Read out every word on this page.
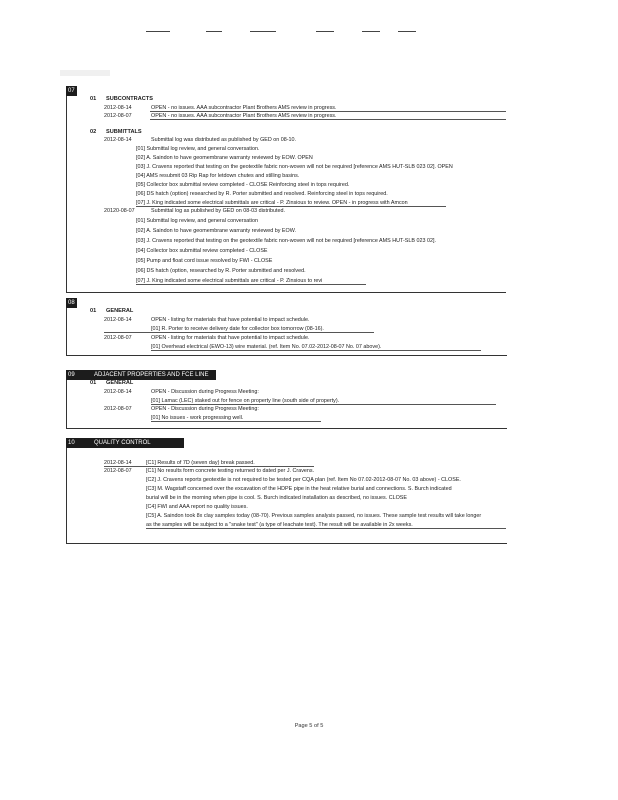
07
01 SUBCONTRACTS
2012-08-14	OPEN - no issues. AAA subcontractor Plant Brothers AMS review in progress.
2012-08-07	OPEN - no issues. AAA subcontractor Plant Brothers AMS review in progress.
02 SUBMITTALS
2012-08-14	Submittal log was distributed as published by GED on 08-10.
[01] Submittal log review, and general conversation.
[02] A. Saindon to have geomembrane warranty reviewed by EOW. OPEN
[03] J. Cravens reported that testing on the geotextile fabric non-woven will not be required [reference AMS HUT-SLB 023 02]. OPEN
[04] AMS resubmit 03 Rip Rap for letdown chutes and stilling basins.
[05] Collector box submittal review completed - CLOSE Reinforcing steel in tops required.
[06] DS hatch (option) researched by R. Porter submitted and resolved. Reinforcing steel in tops required.
[07] J. King indicated some electrical submittals are critical - P. Zinsious to review. OPEN - in progress with Amcon
20120-08-07	Submittal log as published by GED on 08-03 distributed.
[01] Submittal log review, and general conversation
[02] A. Saindon to have geomembrane warranty reviewed by EOW.
[03] J. Cravens reported that testing on the geotextile fabric non-woven will not be required [reference AMS HUT-SLB 023 02].
[04] Collector box submittal review completed - CLOSE
[05] Pump and float cord issue resolved by FWI - CLOSE
[06] DS hatch (option, researched by R. Porter submitted and resolved.
[07] J. King indicated some electrical submittals are critical - P. Zinsious to revi
08
01 GENERAL
2012-08-14	OPEN - listing for materials that have potential to impact schedule.
[01] R. Porter to receive delivery date for collector box tomorrow (08-16).
2012-08-07	OPEN - listing for materials that have potential to impact schedule.
[01] Overhead electrical (EWO-13) wire material. (ref. Item No. 07.02-2012-08-07 No. 07 above).
09	ADJACENT PROPERTIES AND FCE LINE
01 GENERAL
2012-08-14	OPEN - Discussion during Progress Meeting:
[01] Lamac (LEC) staked out for fence on property line (south side of property).
2012-08-07	OPEN - Discussion during Progress Meeting:
[01] No issues - work progressing well.
10	QUALITY CONTROL
2012-08-14	[C1] Results of 7D (seven day) break passed.
2012-08-07	[C1] No results form concrete testing returned to dated per J. Cravens.
[C2] J. Cravens reports geotextile is not required to be tested per CQA plan (ref. Item No 07.02-2012-08-07 No. 03 above) - CLOSE.
[C3] M. Wagstaff concerned over the excavation of the HDPE pipe in the heat relative burial and connections. S. Burch indicated
burial will be in the morning when pipe is cool. S. Burch indicated installation as described, no issues. CLOSE
[C4] FWI and AAA report no quality issues.
[C5] A. Saindon took 8x clay samples today (08-70). Previous samples analysis passed, no issues. These sample test results will take longer
as the samples will be subject to a "snake test" (a type of leachate test). The result will be available in 2x weeks.
Page 5 of 5
